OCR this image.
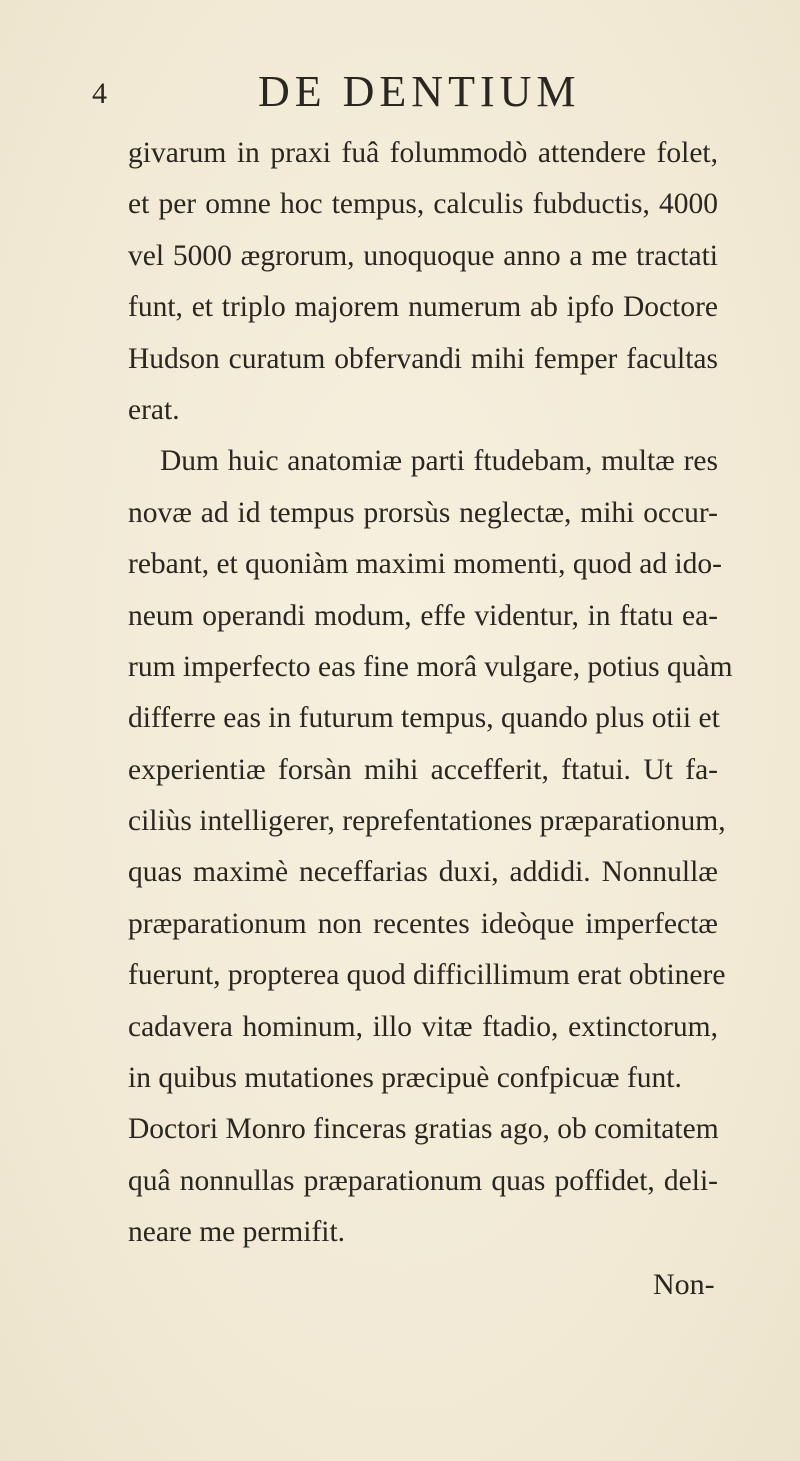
4	DE DENTIUM
givarum in praxi fuâ folummodò attendere folet,
et per omne hoc tempus, calculis fubductis, 4000
vel 5000 ægrorum, unoquoque anno a me tractati
funt, et triplo majorem numerum ab ipfo Doctore
Hudson curatum obfervandi mihi femper facultas
erat.
Dum huic anatomiæ parti ftudebam, multæ res
novæ ad id tempus prorsùs neglectæ, mihi occur-
rebant, et quoniàm maximi momenti, quod ad ido-
neum operandi modum, effe videntur, in ftatu ea-
rum imperfecto eas fine morâ vulgare, potius quàm
differre eas in futurum tempus, quando plus otii et
experientiæ forsàn mihi accefferit, ftatui. Ut fa-
ciliùs intelligerer, reprefentationes præparationum,
quas maximè neceffarias duxi, addidi. Nonnullæ
præparationum non recentes ideòque imperfectæ
fuerunt, propterea quod difficillimum erat obtinere
cadavera hominum, illo vitæ ftadio, extinctorum,
in quibus mutationes præcipuè confpicuæ funt.
Doctori Monro finceras gratias ago, ob comitatem
quâ nonnullas præparationum quas poffidet, deli-
neare me permifit.
Non-
